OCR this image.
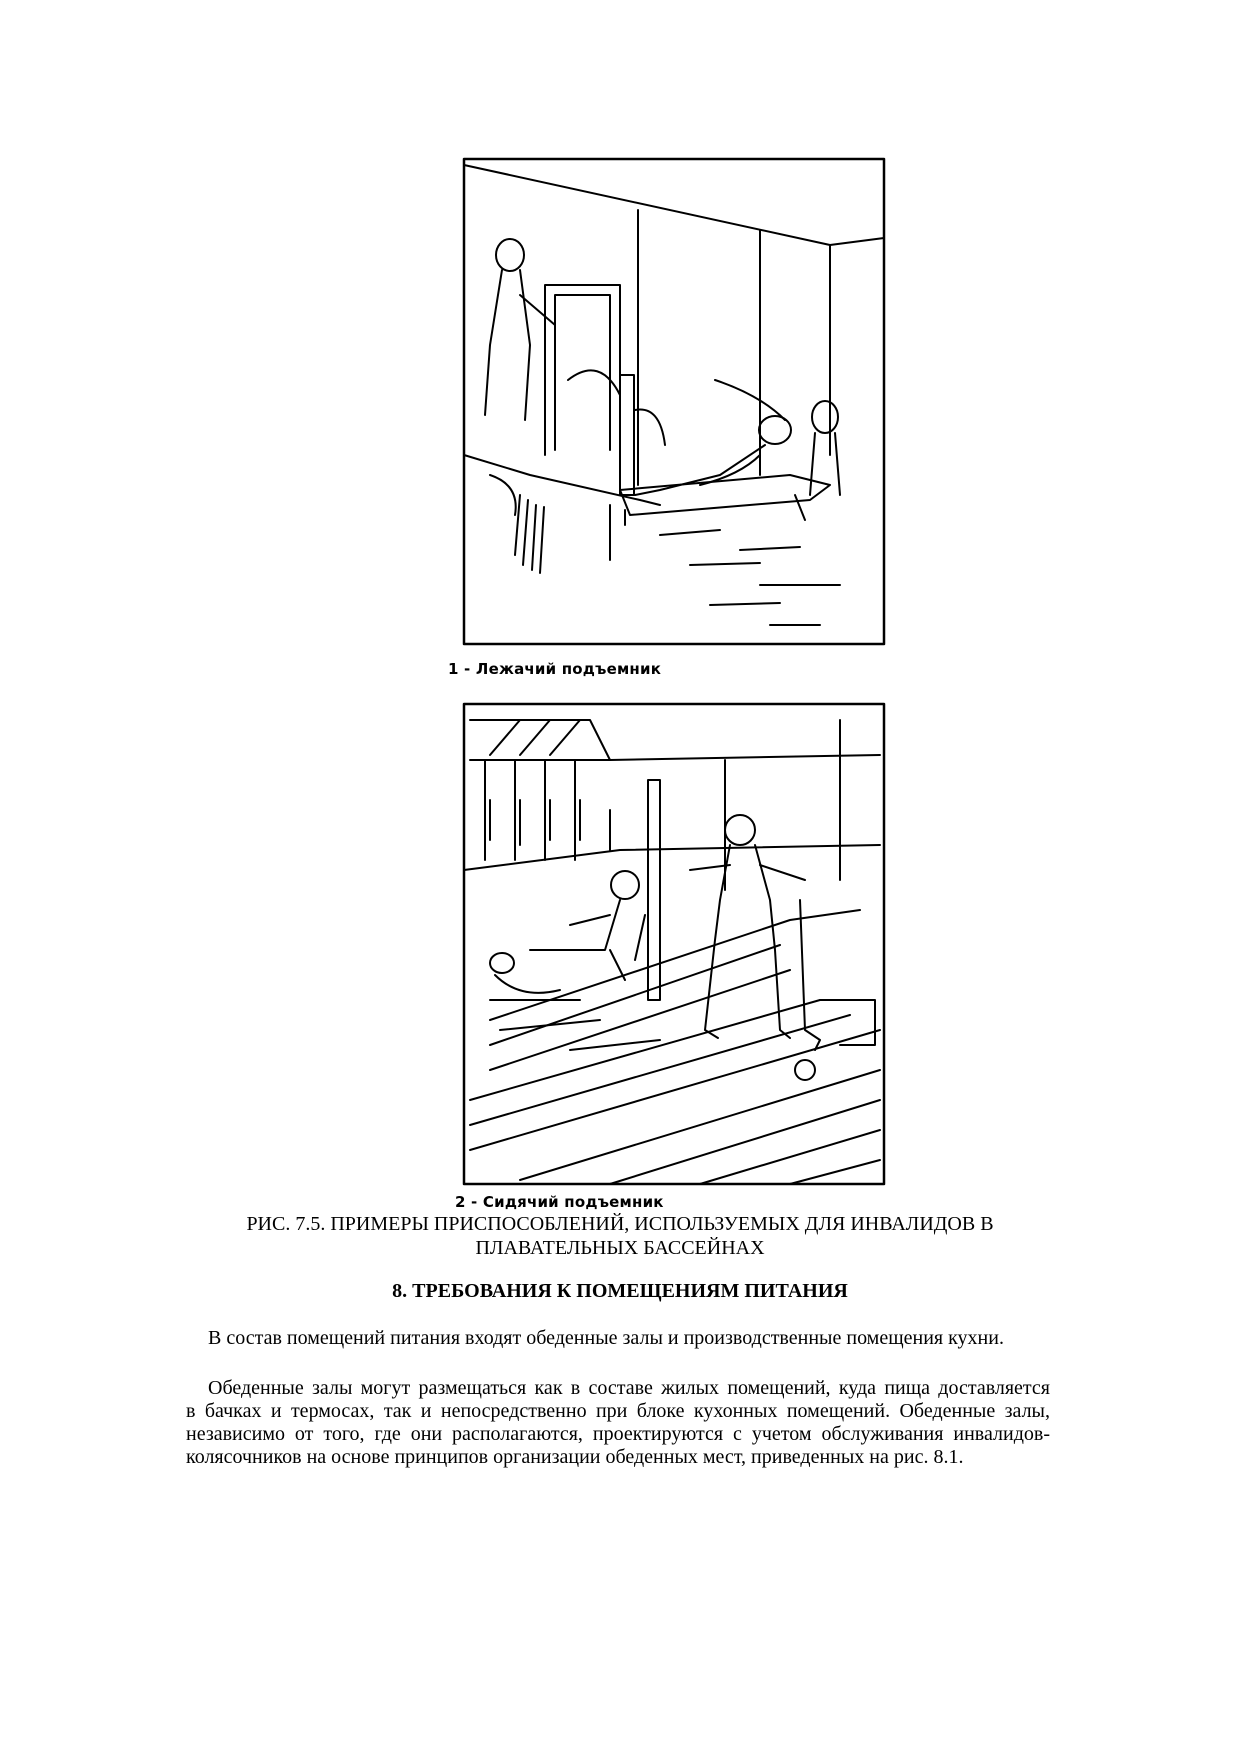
1 - Лежачий подъемник
2 - Сидячий подъемник
РИС. 7.5. ПРИМЕРЫ ПРИСПОСОБЛЕНИЙ, ИСПОЛЬЗУЕМЫХ ДЛЯ ИНВАЛИДОВ В
ПЛАВАТЕЛЬНЫХ БАССЕЙНАХ
8. ТРЕБОВАНИЯ К ПОМЕЩЕНИЯМ ПИТАНИЯ
В состав помещений питания входят обеденные залы и производственные помещения кухни.
Обеденные залы могут размещаться как в составе жилых помещений, куда пища доставляется
в бачках и термосах, так и непосредственно при блоке кухонных помещений. Обеденные залы,
независимо от того, где они располагаются, проектируются с учетом обслуживания инвалидов-
колясочников на основе принципов организации обеденных мест, приведенных на рис. 8.1.
